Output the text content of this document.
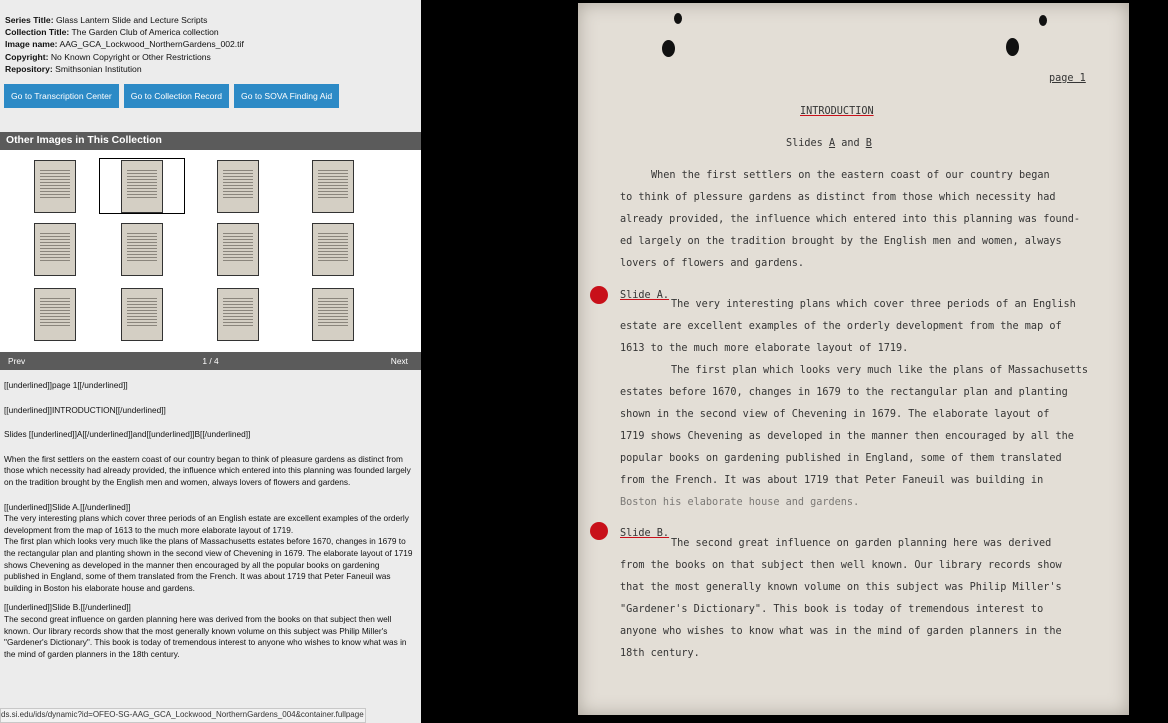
Series Title: Glass Lantern Slide and Lecture Scripts
Collection Title: The Garden Club of America collection
Image name: AAG_GCA_Lockwood_NorthernGardens_002.tif
Copyright: No Known Copyright or Other Restrictions
Repository: Smithsonian Institution
Go to Transcription Center	Go to Collection Record	Go to SOVA Finding Aid
Other Images in This Collection
Prev	1 / 4	Next

[[underlined]]page 1[[/underlined]]

[[underlined]]INTRODUCTION[[/underlined]]

Slides [[underlined]]A[[/underlined]]and[[underlined]]B[[/underlined]]

When the first settlers on the eastern coast of our country began to think of pleasure gardens as distinct from those which necessity had already provided, the influence which entered into this planning was founded largely on the tradition brought by the English men and women, always lovers of flowers and gardens.

[[underlined]]Slide A.[[/underlined]]
The very interesting plans which cover three periods of an English estate are excellent examples of the orderly development from the map of 1613 to the much more elaborate layout of 1719.
The first plan which looks very much like the plans of Massachusetts estates before 1670, changes in 1679 to the rectangular plan and planting shown in the second view of Chevening in 1679. The elaborate layout of 1719 shows Chevening as developed in the manner then encouraged by all the popular books on gardening published in England, some of them translated from the French. It was about 1719 that Peter Faneuil was building in Boston his elaborate house and gardens.

[[underlined]]Slide B.[[/underlined]]
The second great influence on garden planning here was derived from the books on that subject then well known. Our library records show that the most generally known volume on this subject was Philip Miller's "Gardener's Dictionary". This book is today of tremendous interest to anyone who wishes to know what was in the mind of garden planners in the 18th century.

ds.si.edu/ids/dynamic?id=OFEO-SG-AAG_GCA_Lockwood_NorthernGardens_004&container.fullpage
page 1
INTRODUCTION
Slides A and B
When the first settlers on the eastern coast of our country began
to think of plessure gardens as distinct from those which necessity had
already provided, the influence which entered into this planning was found-
ed largely on the tradition brought by the English men and women, always
lovers of flowers and gardens.
Slide A.
The very interesting plans which cover three periods of an English
estate are excellent examples of the orderly development from the map of
1613 to the much more elaborate layout of 1719.
The first plan which looks very much like the plans of Massachusetts
estates before 1670, changes in 1679 to the rectangular plan and planting
shown in the second view of Chevening in 1679. The elaborate layout of
1719 shows Chevening as developed in the manner then encouraged by all the
popular books on gardening published in England, some of them translated
from the French. It was about 1719 that Peter Faneuil was building in
Boston his elaborate house and gardens.
Slide B.
The second great influence on garden planning here was derived
from the books on that subject then well known. Our library records show
that the most generally known volume on this subject was Philip Miller's
"Gardener's Dictionary". This book is today of tremendous interest to
anyone who wishes to know what was in the mind of garden planners in the
18th century.
